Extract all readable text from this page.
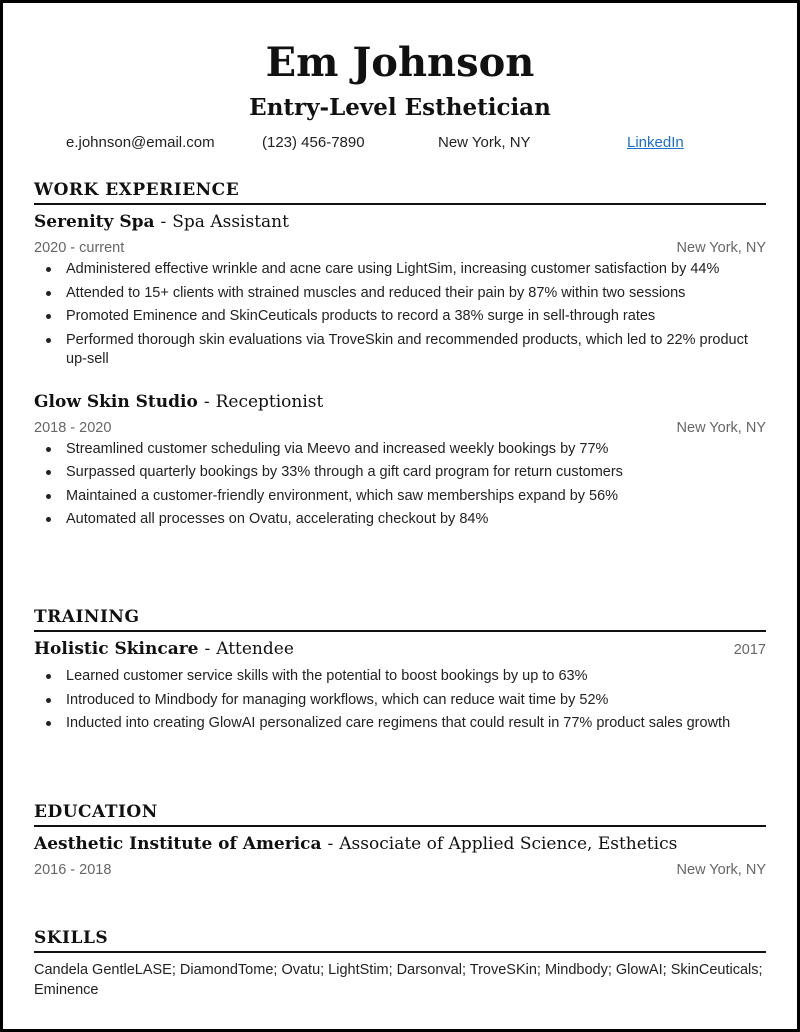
Em Johnson
Entry-Level Esthetician
e.johnson@email.com	(123) 456-7890	New York, NY	LinkedIn
WORK EXPERIENCE
Serenity Spa - Spa Assistant
2020 - current	New York, NY
Administered effective wrinkle and acne care using LightSim, increasing customer satisfaction by 44%
Attended to 15+ clients with strained muscles and reduced their pain by 87% within two sessions
Promoted Eminence and SkinCeuticals products to record a 38% surge in sell-through rates
Performed thorough skin evaluations via TroveSkin and recommended products, which led to 22% product up-sell
Glow Skin Studio - Receptionist
2018 - 2020	New York, NY
Streamlined customer scheduling via Meevo and increased weekly bookings by 77%
Surpassed quarterly bookings by 33% through a gift card program for return customers
Maintained a customer-friendly environment, which saw memberships expand by 56%
Automated all processes on Ovatu, accelerating checkout by 84%
TRAINING
Holistic Skincare - Attendee	2017
Learned customer service skills with the potential to boost bookings by up to 63%
Introduced to Mindbody for managing workflows, which can reduce wait time by 52%
Inducted into creating GlowAI personalized care regimens that could result in 77% product sales growth
EDUCATION
Aesthetic Institute of America - Associate of Applied Science, Esthetics
2016 - 2018	New York, NY
SKILLS
Candela GentleLASE; DiamondTome; Ovatu; LightStim; Darsonval; TroveSKin; Mindbody; GlowAI; SkinCeuticals; Eminence
